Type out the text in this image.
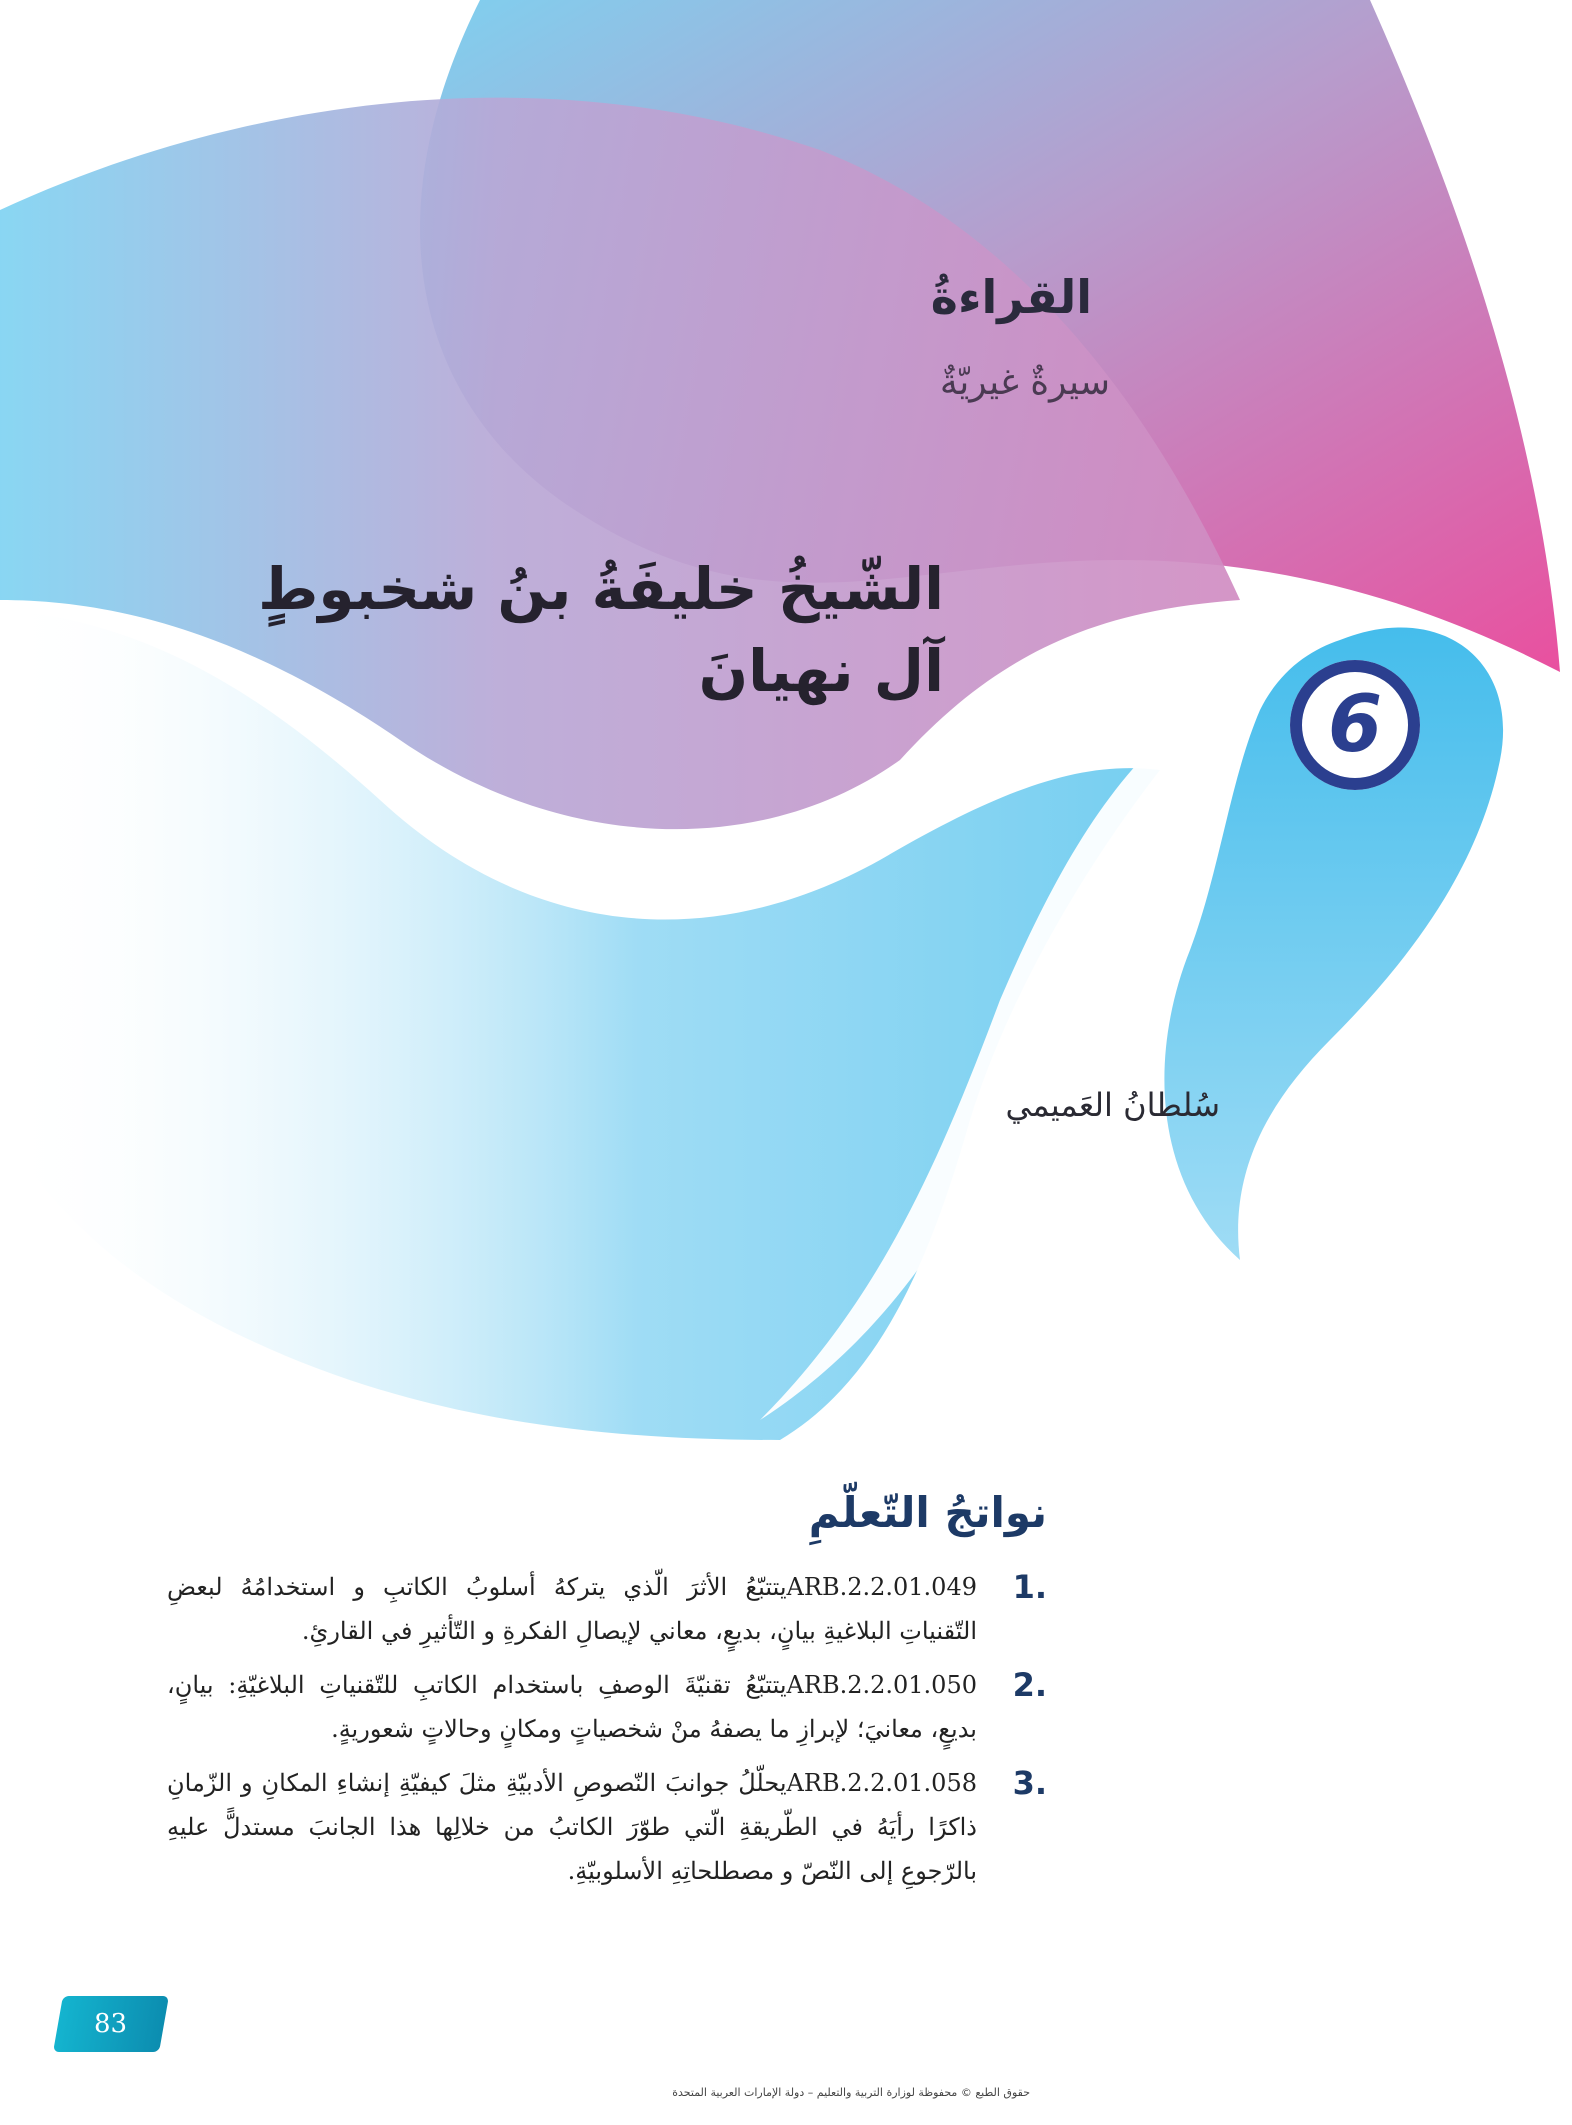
القراءةُ

سيرةٌ غيريّةٌ

الشّيخُ خليفَةُ بنُ شخبوطٍ
آل نهيانَ
6

سُلطانُ العَميمي

نواتجُ التّعلّمِ
1.
ARB.2.2.01.049يتتبّعُ الأثرَ الّذي يتركهُ أسلوبُ الكاتبِ و استخدامُهُ لبعضِ التّقنياتِ البلاغيةِ بيانٍ، بديعٍ، معاني لإيصالِ الفكرةِ و التّأثيرِ في القارئِ.
2.
ARB.2.2.01.050يتتبّعُ تقنيّةَ الوصفِ باستخدام الكاتبِ للتّقنياتِ البلاغيّةِ: بيانٍ، بديعٍ، معانيَ؛ لإبرازِ ما يصفهُ منْ شخصياتٍ ومكانٍ وحالاتٍ شعوريةٍ.
3.
ARB.2.2.01.058يحلّلُ جوانبَ النّصوصِ الأدبيّةِ مثلَ كيفيّةِ إنشاءِ المكانِ و الزّمانِ ذاكرًا رأيَهُ في الطّريقةِ الّتي طوّرَ الكاتبُ من خلالِها هذا الجانبَ مستدلًّ عليهِ بالرّجوعِ إلى النّصّ و مصطلحاتِهِ الأسلوبيّةِ.
83

حقوق الطبع © محفوظة لوزارة التربية والتعليم – دولة الإمارات العربية المتحدة
